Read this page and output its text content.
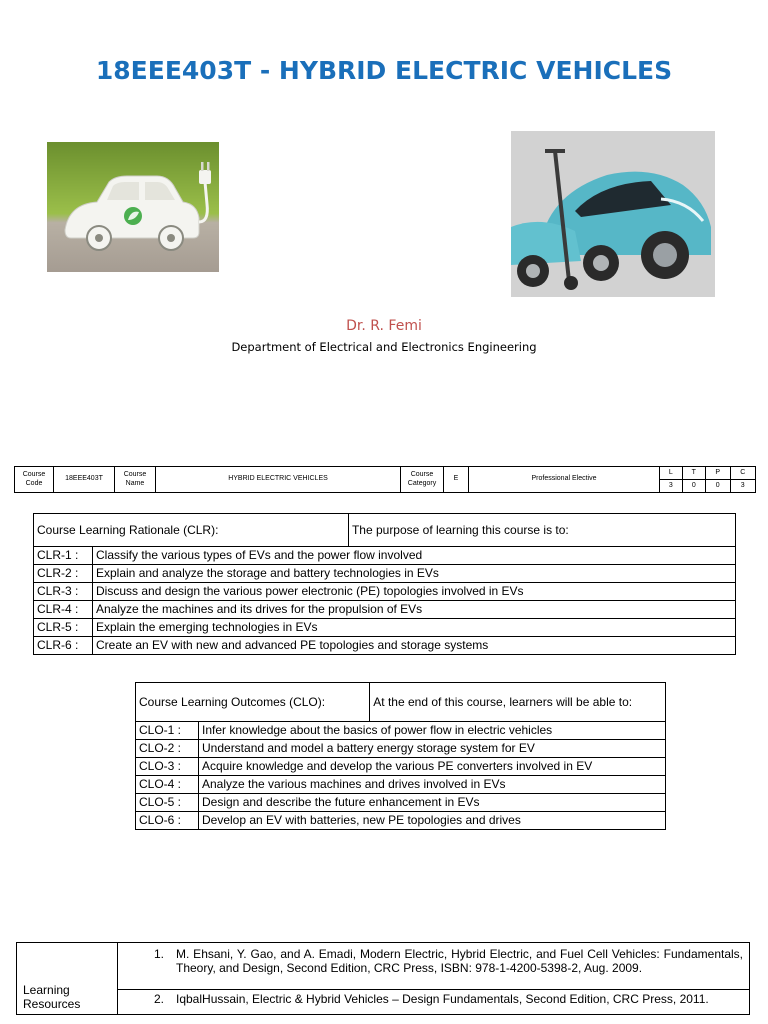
18EEE403T - HYBRID ELECTRIC VEHICLES
Dr. R. Femi
Department of Electrical and Electronics Engineering
Course Code	18EEE403T	Course Name	HYBRID ELECTRIC VEHICLES	Course Category	E	Professional Elective	L	T	P	C
							3	0	0	3
Course Learning Rationale (CLR):		The purpose of learning this course is to:
CLR-1 :	Classify the various types of EVs and the power flow involved	
CLR-2 :	Explain and analyze the storage and battery technologies in EVs	
CLR-3 :	Discuss and design the various power electronic (PE) topologies involved in EVs	
CLR-4 :	Analyze the machines and its drives for the propulsion of EVs	
CLR-5 :	Explain the emerging technologies in EVs	
CLR-6 :	Create an EV with new and advanced PE topologies and storage systems	
Course Learning Outcomes (CLO):		At the end of this course, learners will be able to:
CLO-1 :	Infer knowledge about the basics of power flow in electric vehicles	
CLO-2 :	Understand and model a battery energy storage system for EV	
CLO-3 :	Acquire knowledge and develop the various PE converters involved in EV	
CLO-4 :	Analyze the various machines and drives involved in EVs	
CLO-5 :	Design and describe the future enhancement in EVs	
CLO-6 :	Develop an EV with batteries, new PE topologies and drives	
Learning Resources	1.	M. Ehsani, Y. Gao, and A. Emadi, Modern Electric, Hybrid Electric, and Fuel Cell Vehicles: Fundamentals, Theory, and Design, Second Edition, CRC Press, ISBN: 978-1-4200-5398-2, Aug. 2009.
	2.	IqbalHussain, Electric & Hybrid Vehicles – Design Fundamentals, Second Edition, CRC Press, 2011.
